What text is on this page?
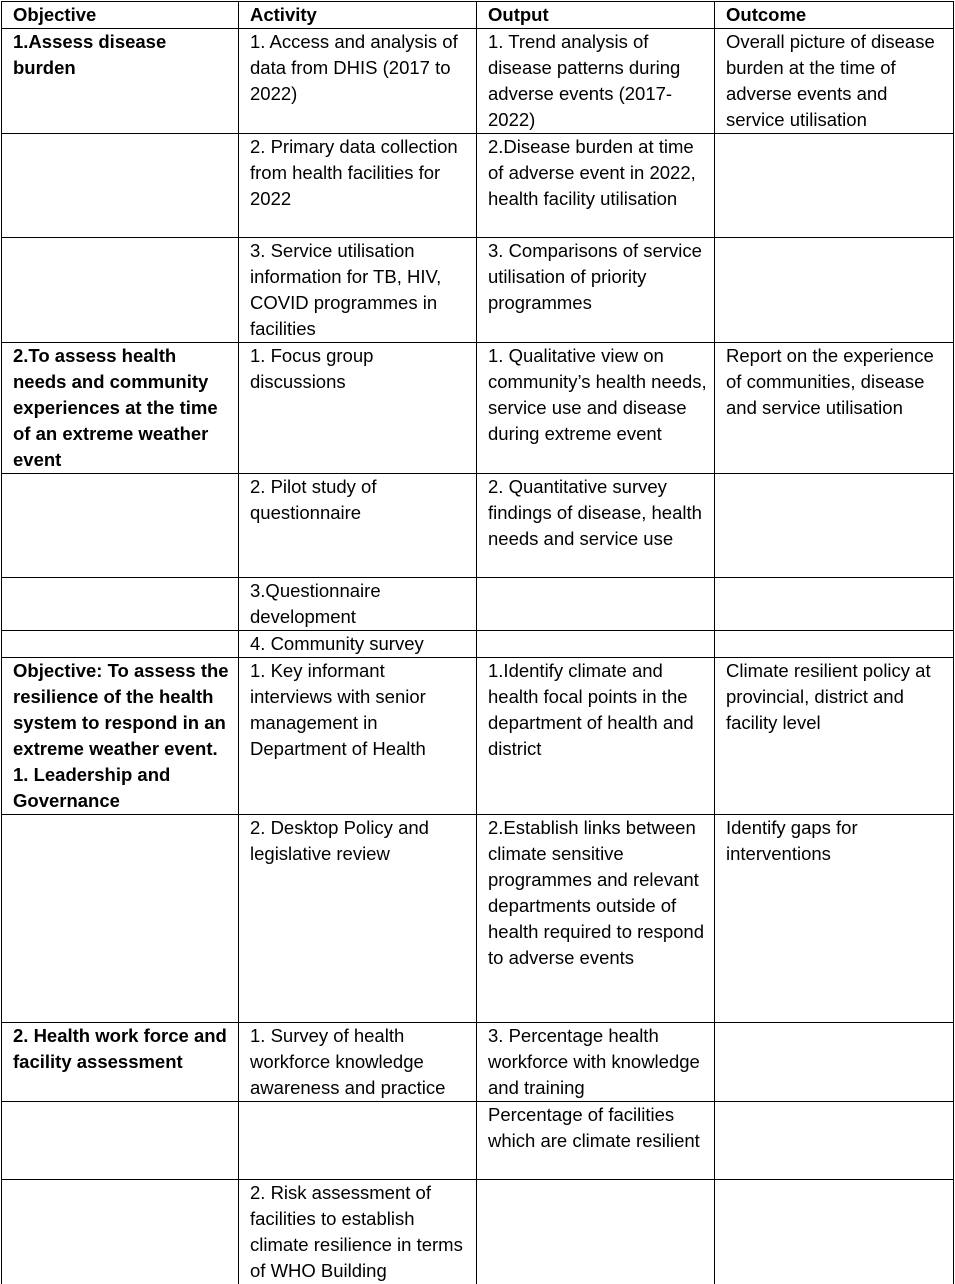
Objective	Activity	Output	Outcome
1.Assess disease burden	1. Access and analysis of data from DHIS (2017 to 2022)	1. Trend analysis of disease patterns during adverse events (2017-2022)	Overall picture of disease burden at the time of adverse events and service utilisation
	2. Primary data collection from health facilities for 2022	2.Disease burden at time of adverse event in 2022, health facility utilisation	
	3. Service utilisation information for TB, HIV, COVID programmes in facilities	3. Comparisons of service utilisation of priority programmes	
2.To assess health needs and community experiences at the time of an extreme weather event	1. Focus group discussions	1. Qualitative view on community’s health needs, service use and disease during extreme event	Report on the experience of communities, disease and service utilisation
	2. Pilot study of questionnaire	2. Quantitative survey findings of disease, health needs and service use	
	3.Questionnaire development		
	4. Community survey		
Objective: To assess the resilience of the health system to respond in an extreme weather event. 1. Leadership and Governance	1. Key informant interviews with senior management in Department of Health	1.Identify climate and health focal points in the department of health and district	Climate resilient policy at provincial, district and facility level
	2. Desktop Policy and legislative review	2.Establish links between climate sensitive programmes and relevant departments outside of health required to respond to adverse events	Identify gaps for interventions
2. Health work force and facility assessment	1. Survey of health workforce knowledge awareness and practice	3. Percentage health workforce with knowledge and training	
		Percentage of facilities which are climate resilient	
	2. Risk assessment of facilities to establish climate resilience in terms of WHO Building		
